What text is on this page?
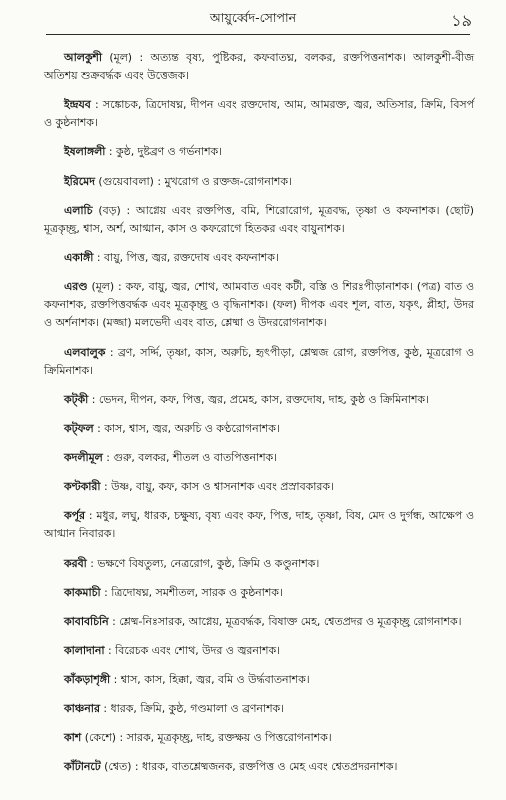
আয়ুর্ব্বেদ-সোপান	১৯

আলকুশী (মূল) : অত্যন্ত বৃষ্য, পুষ্টিকর, কফবাতঘ্ন, বলকর, রক্তপিত্তনাশক। আলকুশী-বীজ অতিশয় শুক্রবর্দ্ধক এবং উত্তেজক।

ইন্দ্রযব : সঙ্কোচক, ত্রিদোষঘ্ন, দীপন এবং রক্তদোষ, আম, আমরক্ত, জ্বর, অতিসার, ক্রিমি, বিসর্প ও কুষ্ঠনাশক।

ইষলাঙ্গলী : কুষ্ঠ, দুষ্টব্রণ ও গর্ভনাশক।

ইরিমেদ (গুয়েবাবলা) : মুখরোগ ও রক্তজ-রোগনাশক।

এলাচি (বড়) : আগ্নেয় এবং রক্তপিত্ত, বমি, শিরোরোগ, মূত্রবদ্ধ, তৃষ্ণা ও কফনাশক। (ছোট) মূত্রকৃচ্ছ্র, শ্বাস, অর্শ, আগ্মান, কাস ও কফরোগে হিতকর এবং বায়ুনাশক।

একাঙ্গী : বায়ু, পিত্ত, জ্বর, রক্তদোষ এবং কফনাশক।

এরণ্ড (মূল) : কফ, বায়ু, জ্বর, শোথ, আমবাত এবং কটী, বস্তি ও শিরঃপীড়ানাশক। (পত্র) বাত ও কফনাশক, রক্তপিত্তবর্দ্ধক এবং মূত্রকৃচ্ছ্র ও বৃদ্ধিনাশক। (ফল) দীপক এবং শূল, বাত, যকৃৎ, প্লীহা, উদর ও অর্শনাশক। (মজ্জা) মলভেদী এবং বাত, শ্লেষ্মা ও উদররোগনাশক।

এলবালুক : ব্রণ, সর্দ্দি, তৃষ্ণা, কাস, অরুচি, হৃৎপীড়া, শ্লেষ্মজ রোগ, রক্তপিত্ত, কুষ্ঠ, মূত্ররোগ ও ক্রিমিনাশক।

কট্‌কী : ভেদন, দীপন, কফ, পিত্ত, জ্বর, প্রমেহ, কাস, রক্তদোষ, দাহ, কুষ্ঠ ও ক্রিমিনাশক।

কট্‌ফল : কাস, শ্বাস, জ্বর, অরুচি ও কণ্ঠরোগনাশক।

কদলীমূল : গুরু, বলকর, শীতল ও বাতপিত্তনাশক।

কণ্টকারী : উষ্ণ, বায়ু, কফ, কাস ও শ্বাসনাশক এবং প্রস্রাবকারক।

কর্পূর : মধুর, লঘু, ধারক, চক্ষুষ্য, বৃষ্য এবং কফ, পিত্ত, দাহ, তৃষ্ণা, বিষ, মেদ ও দুর্গন্ধ, আক্ষেপ ও আগ্মান নিবারক।

করবী : ভক্ষণে বিষতুল্য, নেত্ররোগ, কুষ্ঠ, ক্রিমি ও কণ্ডুনাশক।

কাকমাচী : ত্রিদোষঘ্ন, সমশীতল, সারক ও কুষ্ঠনাশক।

কাবাবচিনি : শ্লেষ্ম-নিঃসারক, আগ্নেয়, মূত্রবর্দ্ধক, বিষাক্ত মেহ, শ্বেতপ্রদর ও মূত্রকৃচ্ছ্র রোগনাশক।

কালাদানা : বিরেচক এবং শোথ, উদর ও জ্বরনাশক।

কাঁকড়াশৃঙ্গী : শ্বাস, কাস, হিক্কা, জ্বর, বমি ও উর্দ্ধবাতনাশক।

কাঞ্চনার : ধারক, ক্রিমি, কুষ্ঠ, গণ্ডমালা ও ব্রণনাশক।

কাশ (কেশে) : সারক, মূত্রকৃচ্ছ্র, দাহ, রক্তক্ষয় ও পিত্তরোগনাশক।

কাঁটানটে (শ্বেত) : ধারক, বাতশ্লেষ্মজনক, রক্তপিত্ত ও মেহ এবং শ্বেতপ্রদরনাশক।
